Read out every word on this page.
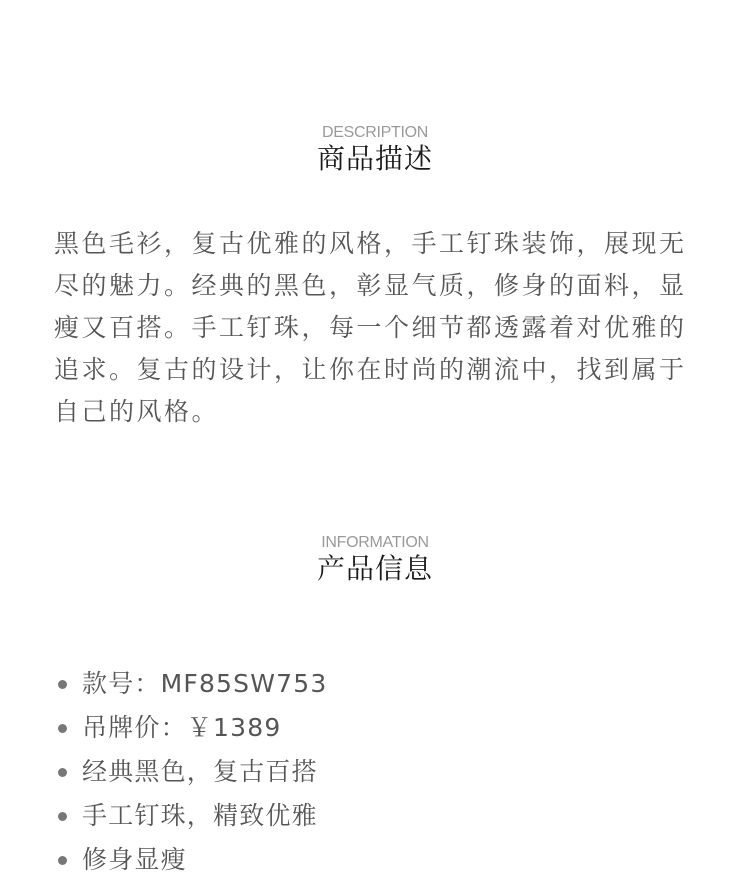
DESCRIPTION
商品描述

黑色毛衫，复古优雅的风格，手工钉珠装饰，展现无尽的魅力。经典的黑色，彰显气质，修身的面料，显瘦又百搭。手工钉珠，每一个细节都透露着对优雅的追求。复古的设计，让你在时尚的潮流中，找到属于自己的风格。

INFORMATION
产品信息
款号：MF85SW753
吊牌价：￥1389
经典黑色，复古百搭
手工钉珠，精致优雅
修身显瘦
